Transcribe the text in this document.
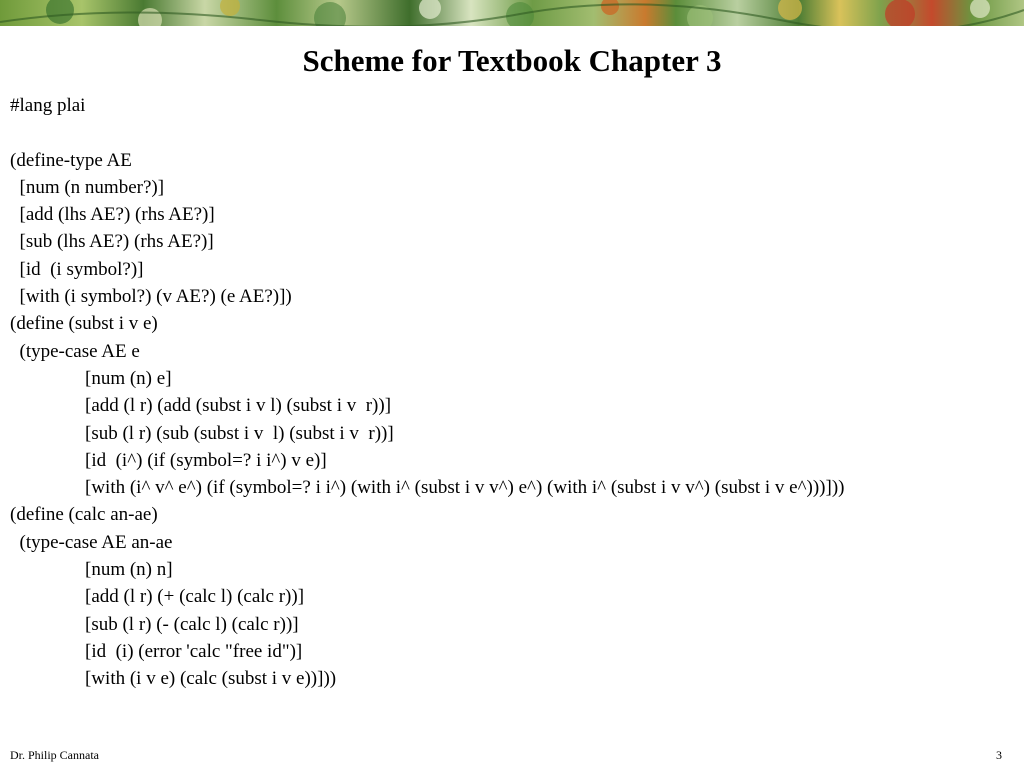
Scheme for Textbook Chapter 3
#lang plai
(define-type AE
[num (n number?)]
[add (lhs AE?) (rhs AE?)]
[sub (lhs AE?) (rhs AE?)]
[id  (i symbol?)]
[with (i symbol?) (v AE?) (e AE?)])
(define (subst i v e)
(type-case AE e
	[num (n) e]
	[add (l r) (add (subst i v l) (subst i v  r))]
	[sub (l r) (sub (subst i v  l) (subst i v  r))]
	[id  (i^) (if (symbol=? i i^) v e)]
	[with (i^ v^ e^) (if (symbol=? i i^) (with i^ (subst i v v^) e^) (with i^ (subst i v v^) (subst i v e^)))]))
(define (calc an-ae)
(type-case AE an-ae
	[num (n) n]
	[add (l r) (+ (calc l) (calc r))]
	[sub (l r) (- (calc l) (calc r))]
	[id  (i) (error 'calc "free id")]
	[with (i v e) (calc (subst i v e))]))
Dr. Philip Cannata	3
